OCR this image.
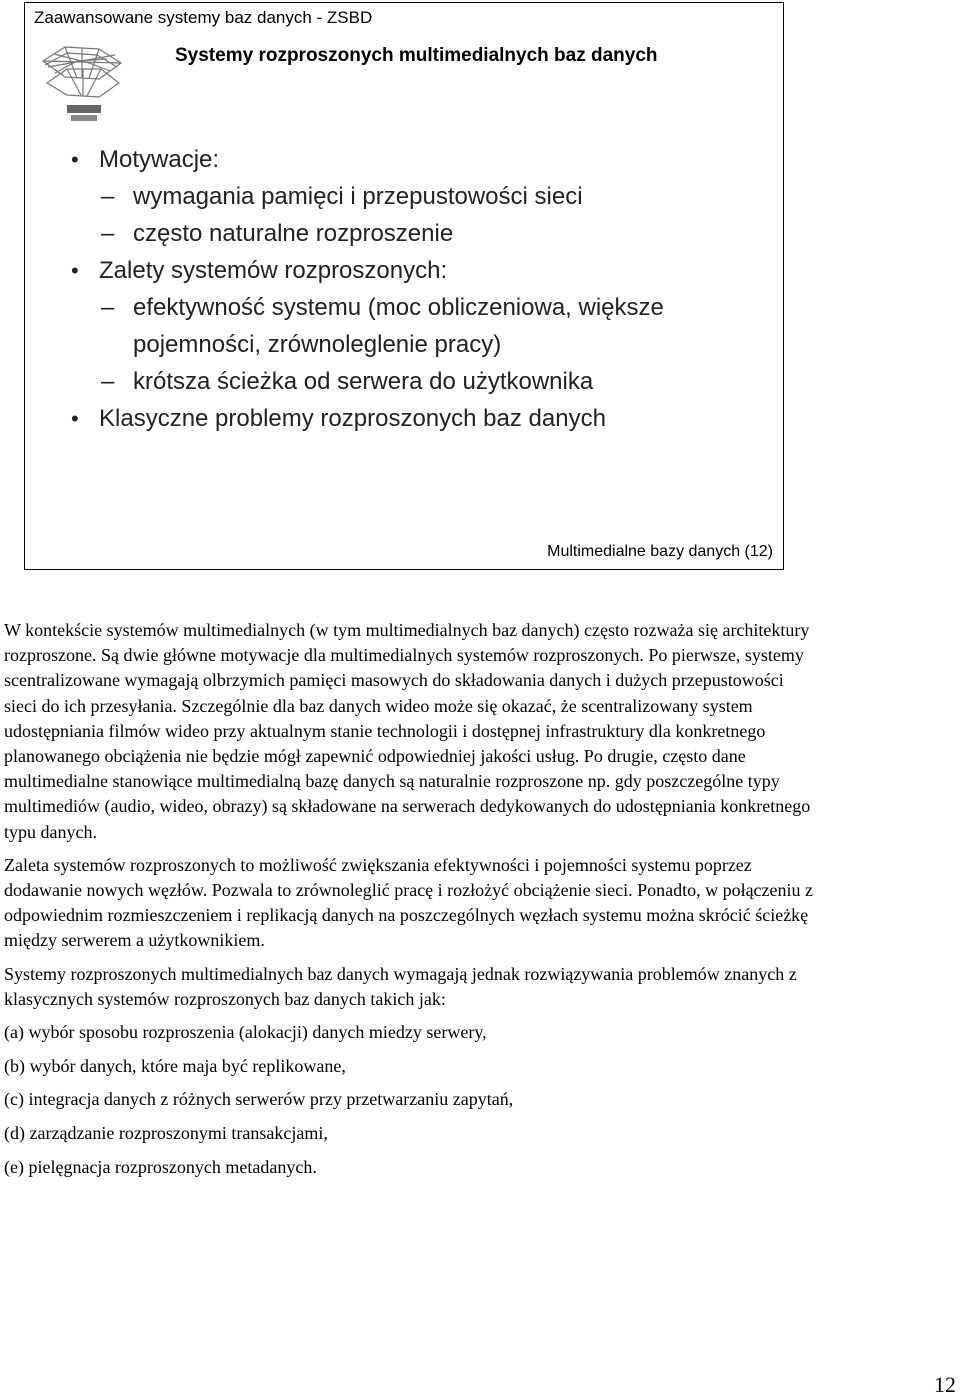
Zaawansowane systemy baz danych - ZSBD
Systemy rozproszonych multimedialnych baz danych
• Motywacje:
– wymagania pamięci i przepustowości sieci
– często naturalne rozproszenie
• Zalety systemów rozproszonych:
– efektywność systemu (moc obliczeniowa, większe
pojemności, zrównoleglenie pracy)
– krótsza ścieżka od serwera do użytkownika
• Klasyczne problemy rozproszonych baz danych
Multimedialne bazy danych (12)

W kontekście systemów multimedialnych (w tym multimedialnych baz danych) często rozważa się architektury rozproszone. Są dwie główne motywacje dla multimedialnych systemów rozproszonych. Po pierwsze, systemy scentralizowane wymagają olbrzymich pamięci masowych do składowania danych i dużych przepustowości sieci do ich przesyłania. Szczególnie dla baz danych wideo może się okazać, że scentralizowany system udostępniania filmów wideo przy aktualnym stanie technologii i dostępnej infrastruktury dla konkretnego planowanego obciążenia nie będzie mógł zapewnić odpowiedniej jakości usług. Po drugie, często dane multimedialne stanowiące multimedialną bazę danych są naturalnie rozproszone np. gdy poszczególne typy multimediów (audio, wideo, obrazy) są składowane na serwerach dedykowanych do udostępniania konkretnego typu danych.

Zaleta systemów rozproszonych to możliwość zwiększania efektywności i pojemności systemu poprzez dodawanie nowych węzłów. Pozwala to zrównoleglić pracę i rozłożyć obciążenie sieci. Ponadto, w połączeniu z odpowiednim rozmieszczeniem i replikacją danych na poszczególnych węzłach systemu można skrócić ścieżkę między serwerem a użytkownikiem.

Systemy rozproszonych multimedialnych baz danych wymagają jednak rozwiązywania problemów znanych z klasycznych systemów rozproszonych baz danych takich jak:

(a) wybór sposobu rozproszenia (alokacji) danych miedzy serwery,

(b) wybór danych, które maja być replikowane,

(c) integracja danych z różnych serwerów przy przetwarzaniu zapytań,

(d) zarządzanie rozproszonymi transakcjami,

(e) pielęgnacja rozproszonych metadanych.

12
